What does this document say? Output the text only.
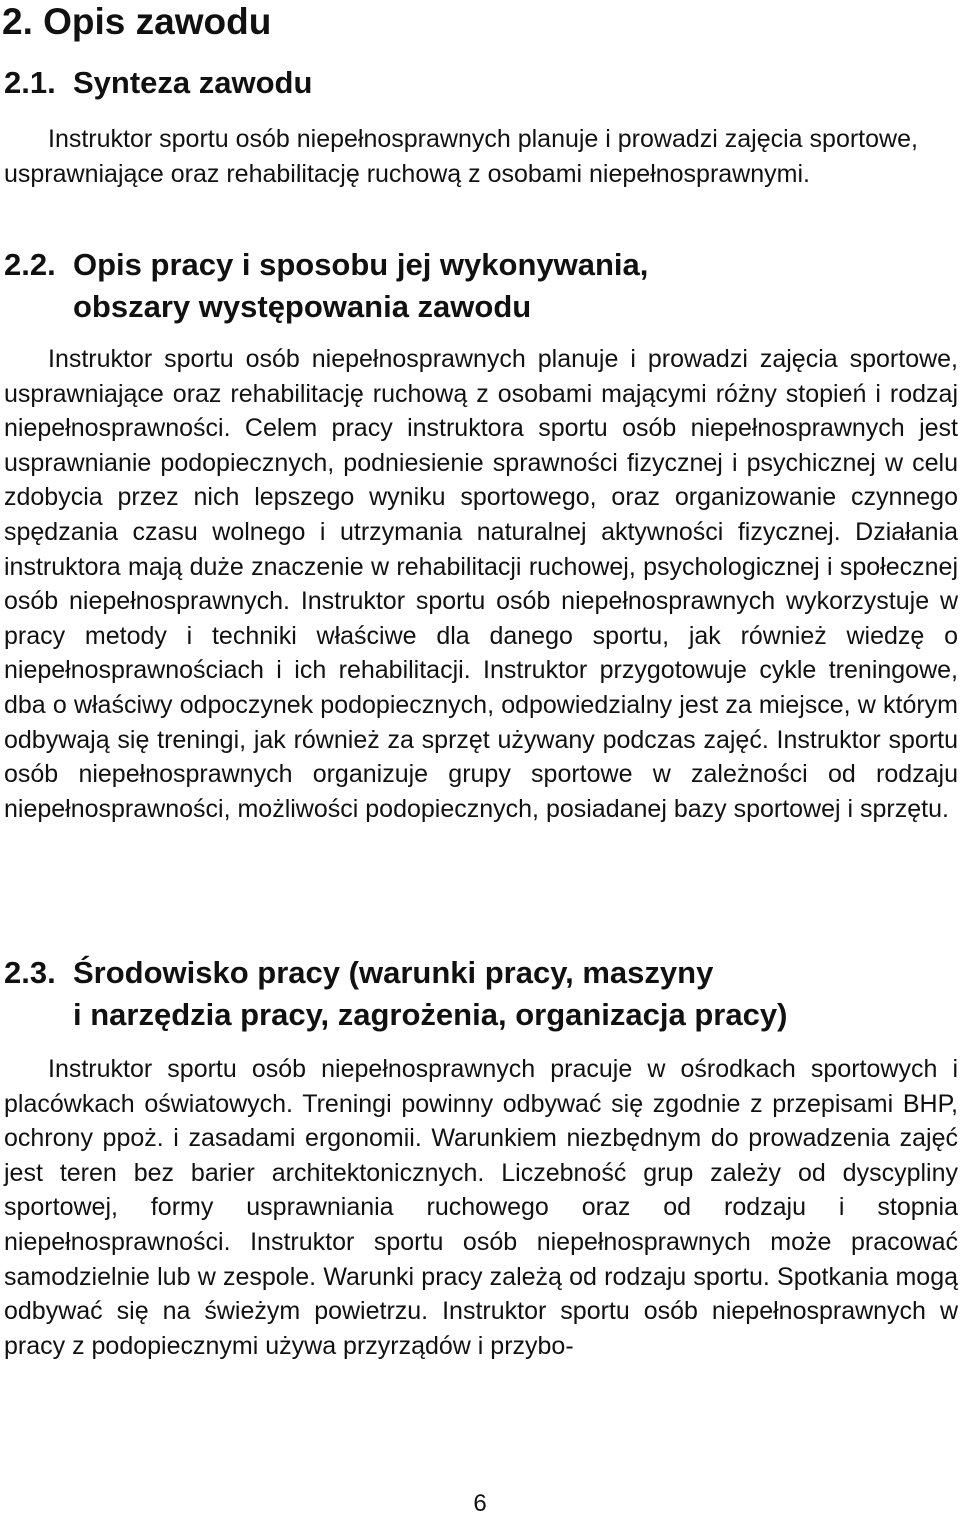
2. Opis zawodu
2.1. Synteza zawodu

Instruktor sportu osób niepełnosprawnych planuje i prowadzi zajęcia sportowe, usprawniające oraz rehabilitację ruchową z osobami niepełnosprawnymi.

2.2. Opis pracy i sposobu jej wykonywania,
obszary występowania zawodu

Instruktor sportu osób niepełnosprawnych planuje i prowadzi zajęcia sportowe, usprawniające oraz rehabilitację ruchową z osobami mającymi różny stopień i rodzaj niepełnosprawności. Celem pracy instruktora sportu osób niepełnosprawnych jest usprawnianie podopiecznych, podniesienie sprawności fizycznej i psychicznej w celu zdobycia przez nich lepszego wyniku sportowego, oraz organizowanie czynnego spędzania czasu wolnego i utrzymania naturalnej aktywności fizycznej. Działania instruktora mają duże znaczenie w rehabilitacji ruchowej, psychologicznej i społecznej osób niepełnosprawnych. Instruktor sportu osób niepełnosprawnych wykorzystuje w pracy metody i techniki właściwe dla danego sportu, jak również wiedzę o niepełnosprawnościach i ich rehabilitacji. Instruktor przygotowuje cykle treningowe, dba o właściwy odpoczynek podopiecznych, odpowiedzialny jest za miejsce, w którym odbywają się treningi, jak również za sprzęt używany podczas zajęć. Instruktor sportu osób niepełnosprawnych organizuje grupy sportowe w zależności od rodzaju niepełnosprawności, możliwości podopiecznych, posiadanej bazy sportowej i sprzętu.

2.3. Środowisko pracy (warunki pracy, maszyny
i narzędzia pracy, zagrożenia, organizacja pracy)

Instruktor sportu osób niepełnosprawnych pracuje w ośrodkach sportowych i placówkach oświatowych. Treningi powinny odbywać się zgodnie z przepisami BHP, ochrony ppoż. i zasadami ergonomii. Warunkiem niezbędnym do prowadzenia zajęć jest teren bez barier architektonicznych. Liczebność grup zależy od dyscypliny sportowej, formy usprawniania ruchowego oraz od rodzaju i stopnia niepełnosprawności. Instruktor sportu osób niepełnosprawnych może pracować samodzielnie lub w zespole. Warunki pracy zależą od rodzaju sportu. Spotkania mogą odbywać się na świeżym powietrzu. Instruktor sportu osób niepełnosprawnych w pracy z podopiecznymi używa przyrządów i przybo-

6
